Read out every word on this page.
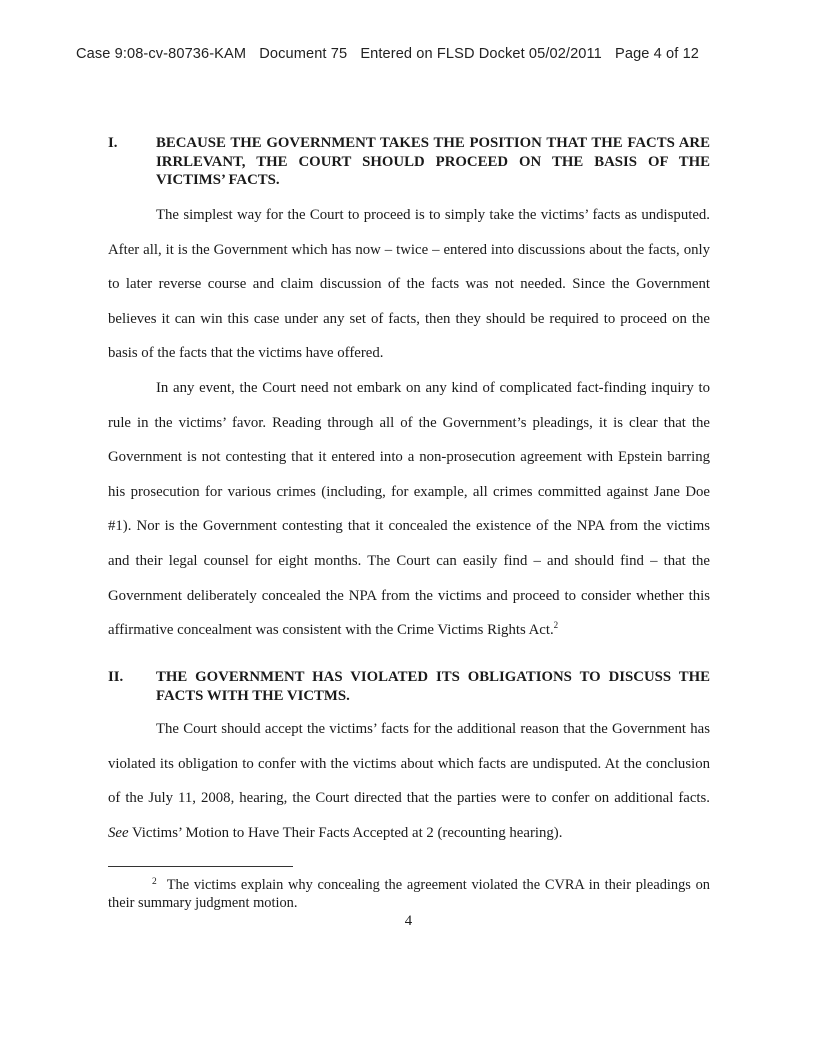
Case 9:08-cv-80736-KAM Document 75 Entered on FLSD Docket 05/02/2011 Page 4 of 12
I.	BECAUSE THE GOVERNMENT TAKES THE POSITION THAT THE FACTS ARE IRRLEVANT, THE COURT SHOULD PROCEED ON THE BASIS OF THE VICTIMS’ FACTS.

The simplest way for the Court to proceed is to simply take the victims’ facts as undisputed. After all, it is the Government which has now – twice – entered into discussions about the facts, only to later reverse course and claim discussion of the facts was not needed. Since the Government believes it can win this case under any set of facts, then they should be required to proceed on the basis of the facts that the victims have offered.

In any event, the Court need not embark on any kind of complicated fact-finding inquiry to rule in the victims’ favor. Reading through all of the Government’s pleadings, it is clear that the Government is not contesting that it entered into a non-prosecution agreement with Epstein barring his prosecution for various crimes (including, for example, all crimes committed against Jane Doe #1). Nor is the Government contesting that it concealed the existence of the NPA from the victims and their legal counsel for eight months. The Court can easily find – and should find – that the Government deliberately concealed the NPA from the victims and proceed to consider whether this affirmative concealment was consistent with the Crime Victims Rights Act.$^2$

II. THE GOVERNMENT HAS VIOLATED ITS OBLIGATIONS TO DISCUSS THE FACTS WITH THE VICTMS.

The Court should accept the victims’ facts for the additional reason that the Government has violated its obligation to confer with the victims about which facts are undisputed. At the conclusion of the July 11, 2008, hearing, the Court directed that the parties were to confer on additional facts. See Victims’ Motion to Have Their Facts Accepted at 2 (recounting hearing).

$^2$ The victims explain why concealing the agreement violated the CVRA in their pleadings on their summary judgment motion.
4
